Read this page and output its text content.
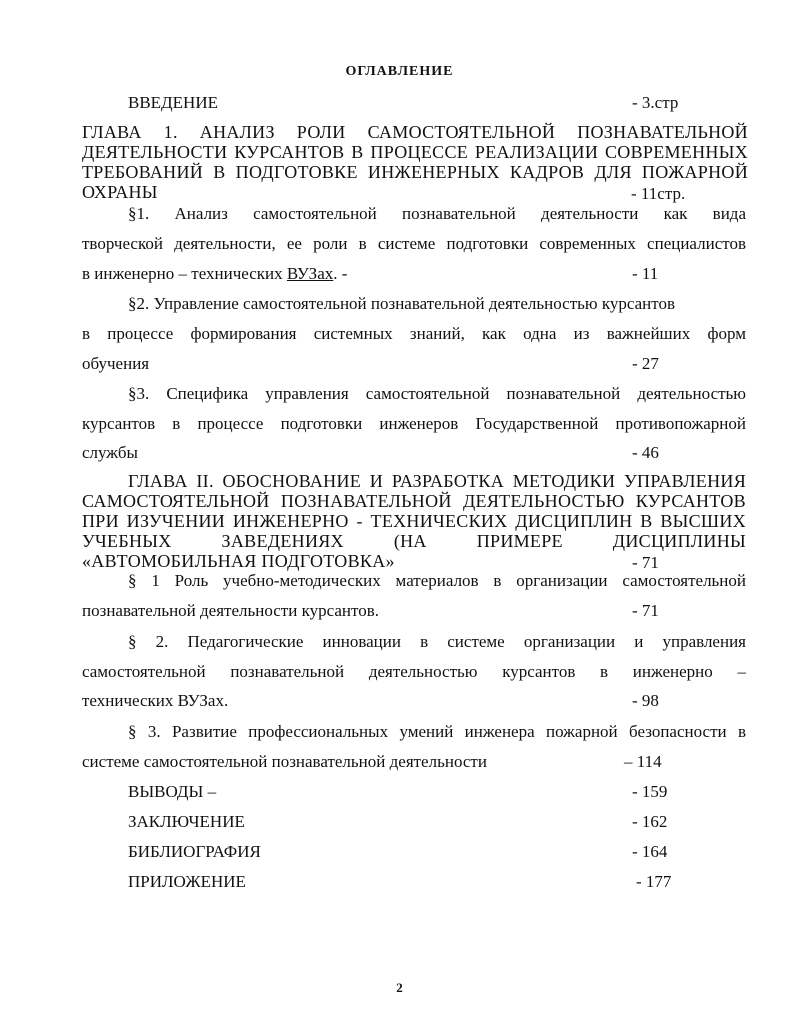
ОГЛАВЛЕНИЕ
ВВЕДЕНИЕ	- 3.стр
ГЛАВА 1. АНАЛИЗ РОЛИ САМОСТОЯТЕЛЬНОЙ ПОЗНАВАТЕЛЬНОЙ
ДЕЯТЕЛЬНОСТИ КУРСАНТОВ В ПРОЦЕССЕ РЕАЛИЗАЦИИ СОВРЕМЕННЫХ
ТРЕБОВАНИЙ В ПОДГОТОВКЕ ИНЖЕНЕРНЫХ КАДРОВ ДЛЯ ПОЖАРНОЙ
ОХРАНЫ	- 11стр.
§1. Анализ самостоятельной познавательной деятельности как вида
творческой деятельности, ее роли в системе подготовки современных специалистов
в инженерно – технических ВУЗах. -	- 11
§2. Управление самостоятельной познавательной деятельностью курсантов
в процессе формирования системных знаний, как одна из важнейших форм
обучения	- 27
§3. Специфика управления самостоятельной познавательной деятельностью
курсантов в процессе подготовки инженеров Государственной противопожарной
службы	- 46
ГЛАВА II. ОБОСНОВАНИЕ И РАЗРАБОТКА МЕТОДИКИ УПРАВЛЕНИЯ
САМОСТОЯТЕЛЬНОЙ ПОЗНАВАТЕЛЬНОЙ ДЕЯТЕЛЬНОСТЬЮ КУРСАНТОВ
ПРИ ИЗУЧЕНИИ ИНЖЕНЕРНО - ТЕХНИЧЕСКИХ ДИСЦИПЛИН В ВЫСШИХ
УЧЕБНЫХ ЗАВЕДЕНИЯХ (НА ПРИМЕРЕ ДИСЦИПЛИНЫ
«АВТОМОБИЛЬНАЯ ПОДГОТОВКА»	- 71
§ 1 Роль учебно-методических материалов в организации самостоятельной
познавательной деятельности курсантов.	- 71
§ 2. Педагогические инновации в системе организации и управления
самостоятельной познавательной деятельностью курсантов в инженерно –
технических ВУЗах.	- 98
§ 3. Развитие профессиональных умений инженера пожарной безопасности в
системе самостоятельной познавательной деятельности	– 114
ВЫВОДЫ –	- 159
ЗАКЛЮЧЕНИЕ	- 162
БИБЛИОГРАФИЯ	- 164
ПРИЛОЖЕНИЕ	- 177
2
